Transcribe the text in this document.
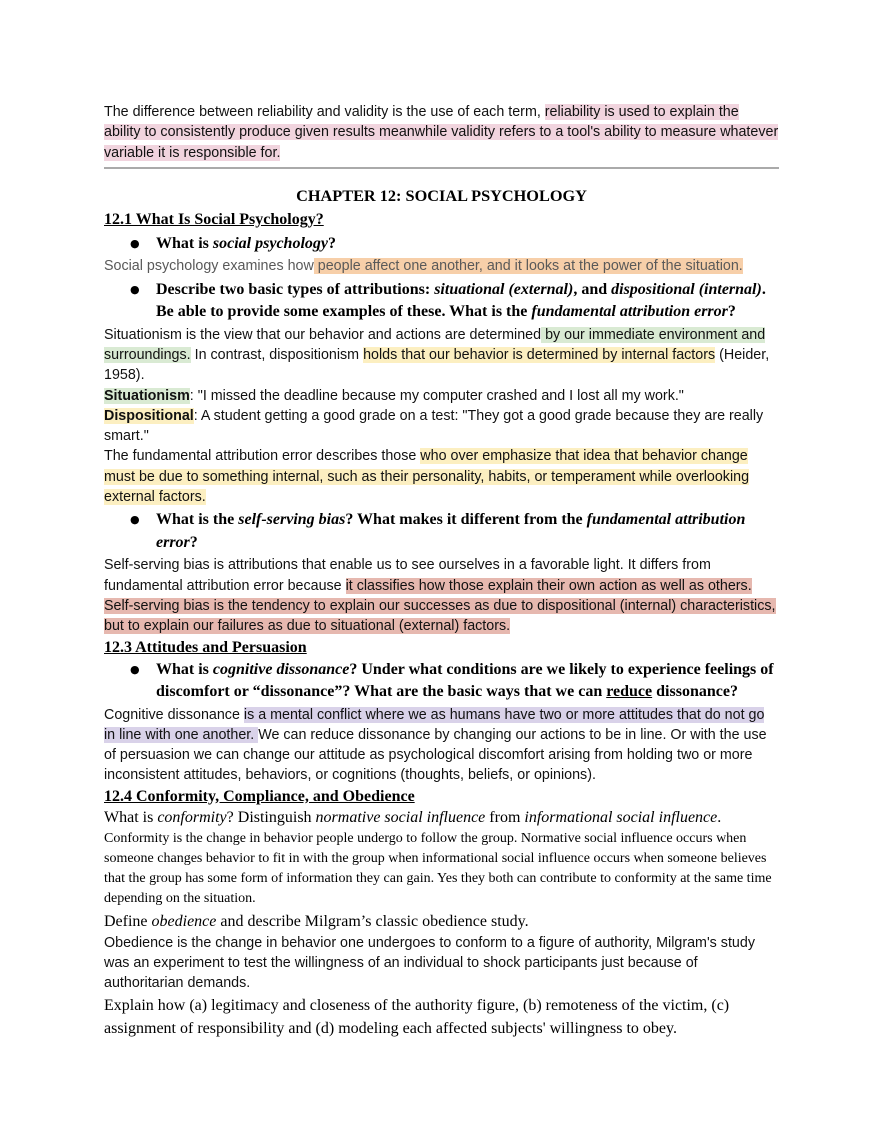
The difference between reliability and validity is the use of each term, reliability is used to explain the ability to consistently produce given results meanwhile validity refers to a tool's ability to measure whatever variable it is responsible for.

CHAPTER 12: SOCIAL PSYCHOLOGY

12.1 What Is Social Psychology?

● What is social psychology?

Social psychology examines how people affect one another, and it looks at the power of the situation.

● Describe two basic types of attributions: situational (external), and dispositional (internal). Be able to provide some examples of these. What is the fundamental attribution error?

Situationism is the view that our behavior and actions are determined by our immediate environment and surroundings. In contrast, dispositionism holds that our behavior is determined by internal factors (Heider, 1958).

Situationism: "I missed the deadline because my computer crashed and I lost all my work."

Dispositional: A student getting a good grade on a test: "They got a good grade because they are really smart."

The fundamental attribution error describes those who over emphasize that idea that behavior change must be due to something internal, such as their personality, habits, or temperament while overlooking external factors.

● What is the self-serving bias? What makes it different from the fundamental attribution error?

Self-serving bias is attributions that enable us to see ourselves in a favorable light. It differs from fundamental attribution error because it classifies how those explain their own action as well as others. Self-serving bias is the tendency to explain our successes as due to dispositional (internal) characteristics, but to explain our failures as due to situational (external) factors.

12.3 Attitudes and Persuasion

● What is cognitive dissonance? Under what conditions are we likely to experience feelings of discomfort or “dissonance”? What are the basic ways that we can reduce dissonance?

Cognitive dissonance is a mental conflict where we as humans have two or more attitudes that do not go in line with one another. We can reduce dissonance by changing our actions to be in line. Or with the use of persuasion we can change our attitude as psychological discomfort arising from holding two or more inconsistent attitudes, behaviors, or cognitions (thoughts, beliefs, or opinions).

12.4 Conformity, Compliance, and Obedience

What is conformity? Distinguish normative social influence from informational social influence.

Conformity is the change in behavior people undergo to follow the group. Normative social influence occurs when someone changes behavior to fit in with the group when informational social influence occurs when someone believes that the group has some form of information they can gain. Yes they both can contribute to conformity at the same time depending on the situation.

Define obedience and describe Milgram’s classic obedience study.

Obedience is the change in behavior one undergoes to conform to a figure of authority, Milgram's study was an experiment to test the willingness of an individual to shock participants just because of authoritarian demands.

Explain how (a) legitimacy and closeness of the authority figure, (b) remoteness of the victim, (c) assignment of responsibility and (d) modeling each affected subjects' willingness to obey.
